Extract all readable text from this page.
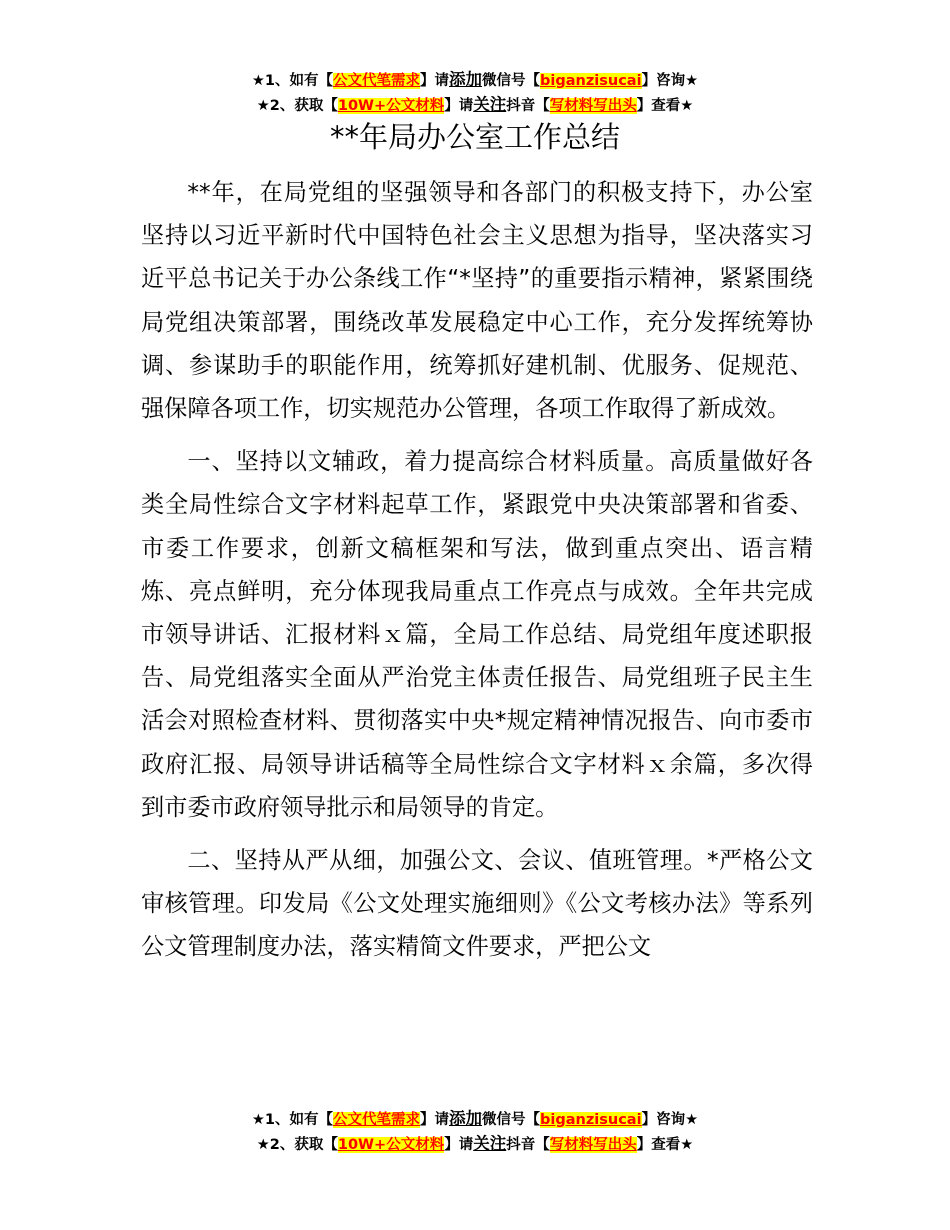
★1、如有【公文代笔需求】请添加微信号【biganzisucai】咨询★
★2、获取【10W+公文材料】请关注抖音【写材料写出头】查看★
**年局办公室工作总结

**年，在局党组的坚强领导和各部门的积极支持下，办公室坚持以习近平新时代中国特色社会主义思想为指导，坚决落实习近平总书记关于办公条线工作“*坚持”的重要指示精神，紧紧围绕局党组决策部署，围绕改革发展稳定中心工作，充分发挥统筹协调、参谋助手的职能作用，统筹抓好建机制、优服务、促规范、强保障各项工作，切实规范办公管理，各项工作取得了新成效。

一、坚持以文辅政，着力提高综合材料质量。高质量做好各类全局性综合文字材料起草工作，紧跟党中央决策部署和省委、市委工作要求，创新文稿框架和写法，做到重点突出、语言精炼、亮点鲜明，充分体现我局重点工作亮点与成效。全年共完成市领导讲话、汇报材料ｘ篇，全局工作总结、局党组年度述职报告、局党组落实全面从严治党主体责任报告、局党组班子民主生活会对照检查材料、贯彻落实中央*规定精神情况报告、向市委市政府汇报、局领导讲话稿等全局性综合文字材料ｘ余篇，多次得到市委市政府领导批示和局领导的肯定。

二、坚持从严从细，加强公文、会议、值班管理。*严格公文审核管理。印发局《公文处理实施细则》《公文考核办法》等系列公文管理制度办法，落实精简文件要求，严把公文

★1、如有【公文代笔需求】请添加微信号【biganzisucai】咨询★
★2、获取【10W+公文材料】请关注抖音【写材料写出头】查看★
